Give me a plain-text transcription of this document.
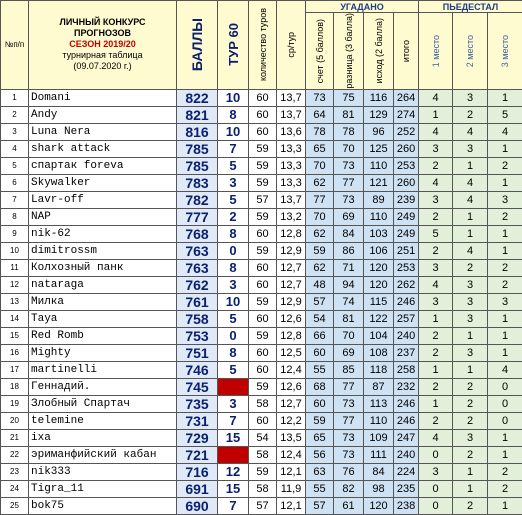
№п/п	ЛИЧНЫЙ КОНКУРС
ПРОГНОЗОВ
СЕЗОН 2019/20
турнирная таблица
(09.07.2020 г.)	БАЛЛЫ	ТУР 60	количество туров	ср/тур	УГАДАНО				ПЬЕДЕСТАЛ		

						счет (5 баллов)	разница (3 балла)	исход (2 балла)	итого	1 место	2 место	3 место

1	Domani	822	10	60	13,7	73	75	116	264	4	3	1
2	Andy	821	8	60	13,7	64	81	129	274	1	2	5
3	Luna Nera	816	10	60	13,6	78	78	96	252	4	4	4
4	shark attack	785	7	59	13,3	65	70	125	260	3	3	1
5	спартак foreva	785	5	59	13,3	70	73	110	253	2	1	2
6	Skywalker	783	3	59	13,3	62	77	121	260	4	4	1
7	Lavr-off	782	5	57	13,7	77	73	89	239	3	4	3
8	NAP	777	2	59	13,2	70	69	110	249	2	1	2
9	nik-62	768	8	60	12,8	62	84	103	249	5	1	1
10	dimitrossm	763	0	59	12,9	59	86	106	251	2	4	1
11	Колхозный панк	763	8	60	12,7	62	71	120	253	3	2	2
12	nataraga	762	3	60	12,7	48	94	120	262	4	3	2
13	Милка	761	10	59	12,9	57	74	115	246	3	3	3
14	Taya	758	5	60	12,6	54	81	122	257	1	3	1
15	Red Romb	753	0	59	12,8	66	70	104	240	2	1	1
16	Mighty	751	8	60	12,5	60	69	108	237	2	3	1
17	martinelli	746	5	60	12,4	55	85	118	258	1	1	4
18	Геннадий.	745		59	12,6	68	77	87	232	2	2	0
19	Злобный Спартач	735	3	58	12,7	60	73	113	246	1	2	0
20	telemine	731	7	60	12,2	59	77	110	246	2	2	0
21	ixa	729	15	54	13,5	65	73	109	247	4	3	1
22	эриманфийский кабан	721		58	12,4	56	73	111	240	0	2	1
23	nik333	716	12	59	12,1	63	76	84	224	3	1	2
24	Tigra_11	691	15	58	11,9	55	82	98	235	0	1	2
25	bok75	690	7	57	12,1	57	61	120	238	0	2	1
